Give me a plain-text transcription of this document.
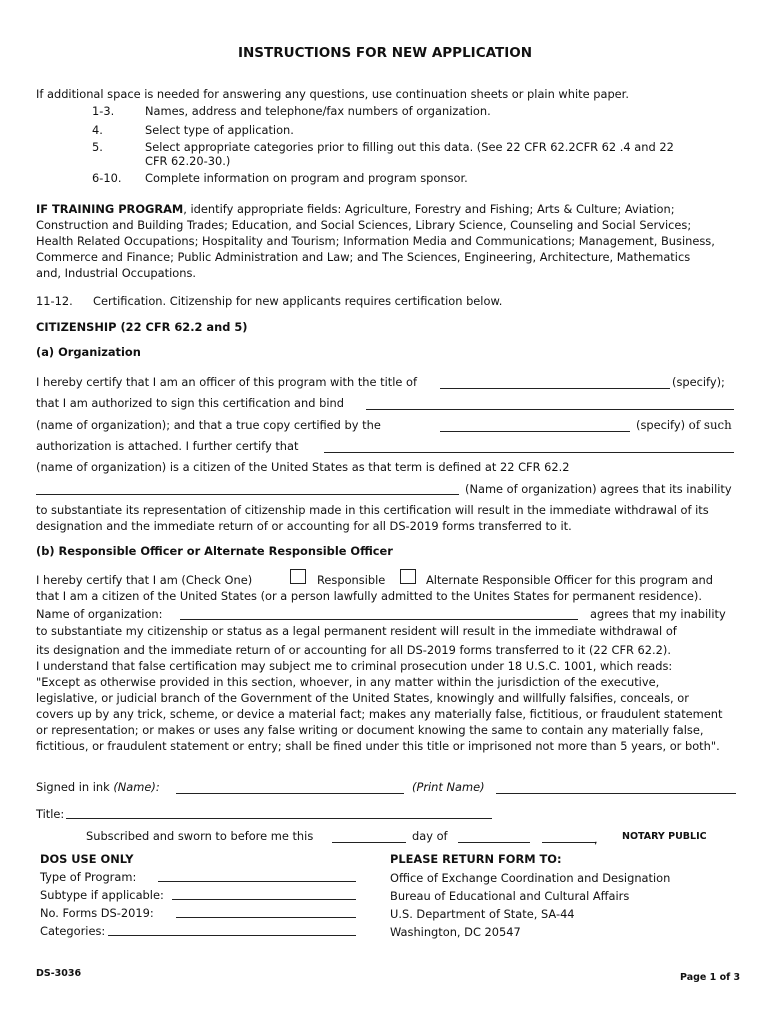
INSTRUCTIONS FOR NEW APPLICATION
If additional space is needed for answering any questions, use continuation sheets or plain white paper.
1-3.	Names, address and telephone/fax numbers of organization.
4.	Select type of application.
5.	Select appropriate categories prior to filling out this data. (See 22 CFR 62.2CFR 62 .4 and 22
CFR 62.20-30.)
6-10. Complete information on program and program sponsor.
IF TRAINING PROGRAM, identify appropriate fields: Agriculture, Forestry and Fishing; Arts & Culture; Aviation;
Construction and Building Trades; Education, and Social Sciences, Library Science, Counseling and Social Services;
Health Related Occupations; Hospitality and Tourism; Information Media and Communications; Management, Business,
Commerce and Finance; Public Administration and Law; and The Sciences, Engineering, Architecture, Mathematics
and, Industrial Occupations.
11-12. Certification. Citizenship for new applicants requires certification below.
CITIZENSHIP (22 CFR 62.2 and 5)
(a) Organization
I hereby certify that I am an officer of this program with the title of	(specify);
that I am authorized to sign this certification and bind
(name of organization); and that a true copy certified by the	(specify) of such
authorization is attached. I further certify that
(name of organization) is a citizen of the United States as that term is defined at 22 CFR 62.2
(Name of organization) agrees that its inability
to substantiate its representation of citizenship made in this certification will result in the immediate withdrawal of its
designation and the immediate return of or accounting for all DS-2019 forms transferred to it.
(b) Responsible Officer or Alternate Responsible Officer
I hereby certify that I am (Check One)	Responsible	Alternate Responsible Officer for this program and
that I am a citizen of the United States (or a person lawfully admitted to the Unites States for permanent residence).
Name of organization:	agrees that my inability
to substantiate my citizenship or status as a legal permanent resident will result in the immediate withdrawal of
its designation and the immediate return of or accounting for all DS-2019 forms transferred to it (22 CFR 62.2).
I understand that false certification may subject me to criminal prosecution under 18 U.S.C. 1001, which reads:
"Except as otherwise provided in this section, whoever, in any matter within the jurisdiction of the executive,
legislative, or judicial branch of the Government of the United States, knowingly and willfully falsifies, conceals, or
covers up by any trick, scheme, or device a material fact; makes any materially false, fictitious, or fraudulent statement
or representation; or makes or uses any false writing or document knowing the same to contain any materially false,
fictitious, or fraudulent statement or entry; shall be fined under this title or imprisoned not more than 5 years, or both".
Signed in ink (Name):	(Print Name)
Title:
Subscribed and sworn to before me this	day of	,	NOTARY PUBLIC
DOS USE ONLY
Type of Program:
Subtype if applicable:
No. Forms DS-2019:
Categories:
PLEASE RETURN FORM TO:
Office of Exchange Coordination and Designation
Bureau of Educational and Cultural Affairs
U.S. Department of State, SA-44
Washington, DC 20547
DS-3036	Page 1 of 3
